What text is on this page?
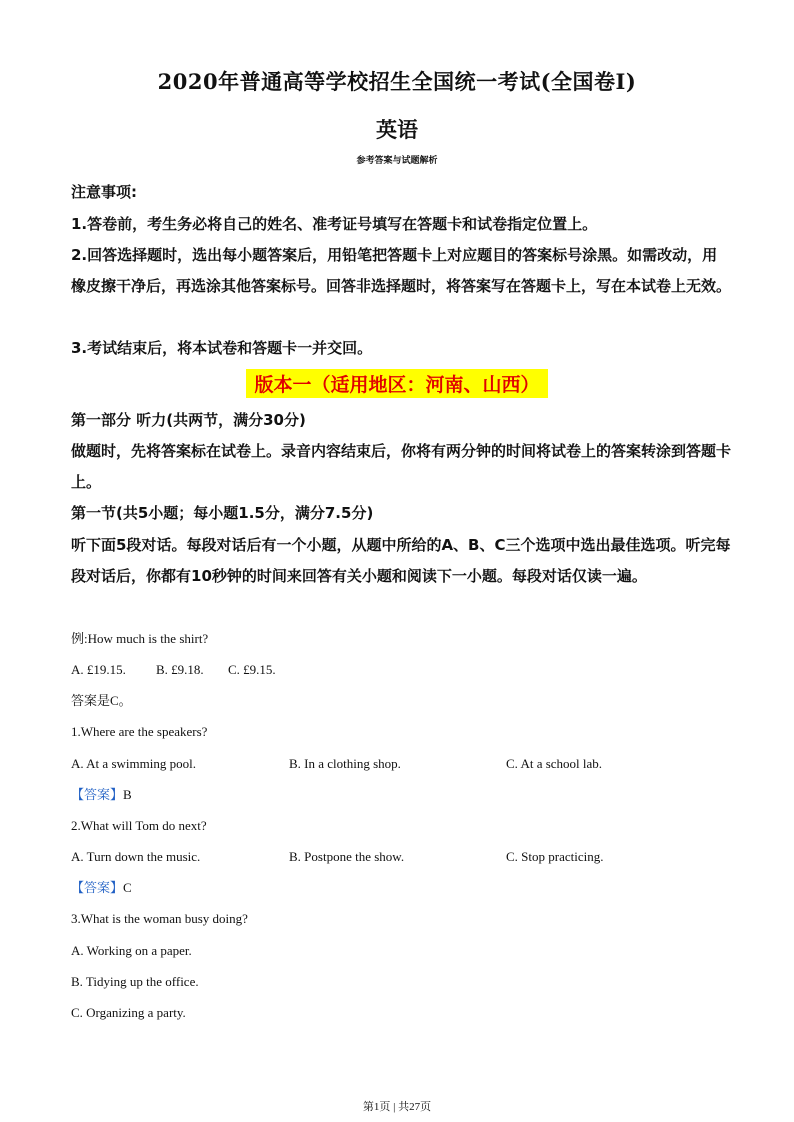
2020年普通高等学校招生全国统一考试(全国卷I)
英语
参考答案与试题解析
注意事项:
1.答卷前，考生务必将自己的姓名、准考证号填写在答题卡和试卷指定位置上。
2.回答选择题时，选出每小题答案后，用铅笔把答题卡上对应题目的答案标号涂黑。如需改动，用橡皮擦干净后，再选涂其他答案标号。回答非选择题时，将答案写在答题卡上，写在本试卷上无效。
3.考试结束后，将本试卷和答题卡一并交回。
版本一（适用地区：河南、山西）
第一部分 听力(共两节，满分30分)
做题时，先将答案标在试卷上。录音内容结束后，你将有两分钟的时间将试卷上的答案转涂到答题卡上。
第一节(共5小题；每小题1.5分，满分7.5分)
听下面5段对话。每段对话后有一个小题，从题中所给的A、B、C三个选项中选出最佳选项。听完每段对话后，你都有10秒钟的时间来回答有关小题和阅读下一小题。每段对话仅读一遍。
例:How much is the shirt?
A. £19.15. B. £9.18. C. £9.15.
答案是C。
1.Where are the speakers?
A. At a swimming pool.	B. In a clothing shop.	C. At a school lab.
【答案】B
2.What will Tom do next?
A. Turn down the music.	B. Postpone the show.	C. Stop practicing.
【答案】C
3.What is the woman busy doing?
A. Working on a paper.
B. Tidying up the office.
C. Organizing a party.
第1页 | 共27页
